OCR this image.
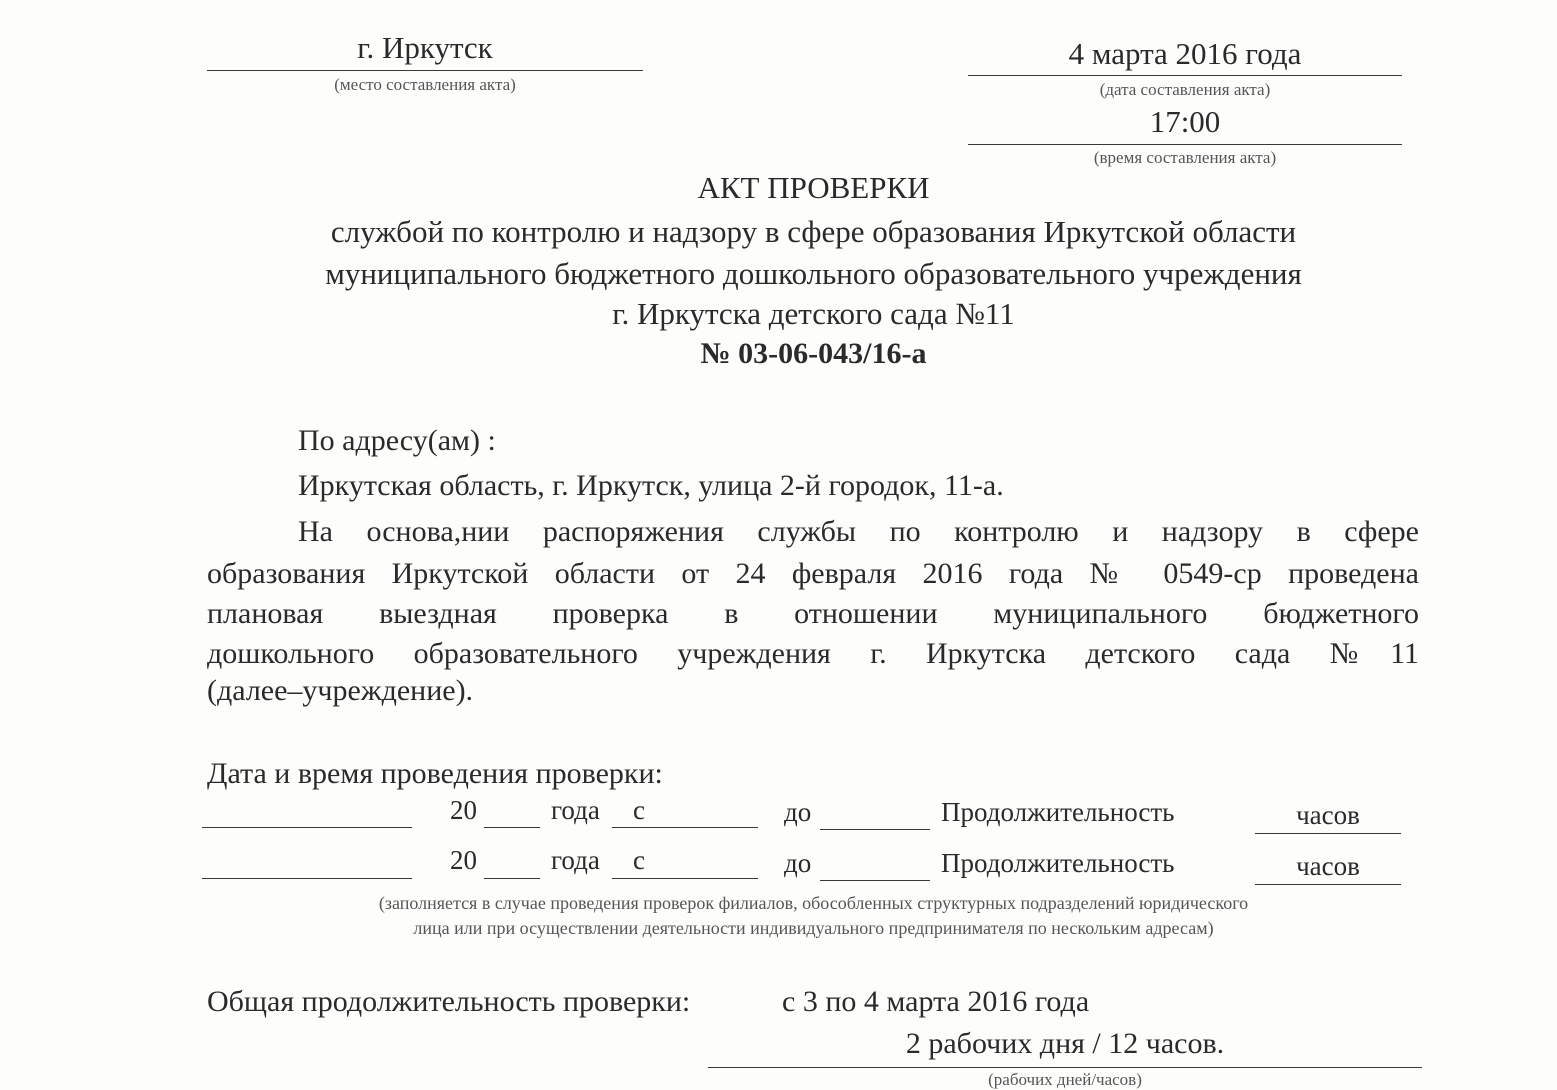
г. Иркутск
(место составления акта)
4 марта 2016 года
(дата составления акта)
17:00
(время составления акта)
АКТ ПРОВЕРКИ
службой по контролю и надзору в сфере образования Иркутской области
муниципального бюджетного дошкольного образовательного учреждения
г. Иркутска детского сада №11
№ 03-06-043/16-а
По адресу(ам) :
Иркутская область, г. Иркутск, улица 2-й городок, 11-а.
На основа,нии распоряжения службы по контролю и надзору в сфере
образования Иркутской области от 24 февраля 2016 года № 0549-ср проведена
плановая выездная проверка в отношении муниципального бюджетного
дошкольного образовательного учреждения г. Иркутска детского сада №11
(далее–учреждение).
Дата и время проведения проверки:
20	года с	до	Продолжительность	часов
20	года с	до	Продолжительность	часов
(заполняется в случае проведения проверок филиалов, обособленных структурных подразделений юридического
лица или при осуществлении деятельности индивидуального предпринимателя по нескольким адресам)
Общая продолжительность проверки:	с 3 по 4 марта 2016 года
2 рабочих дня / 12 часов.
(рабочих дней/часов)
